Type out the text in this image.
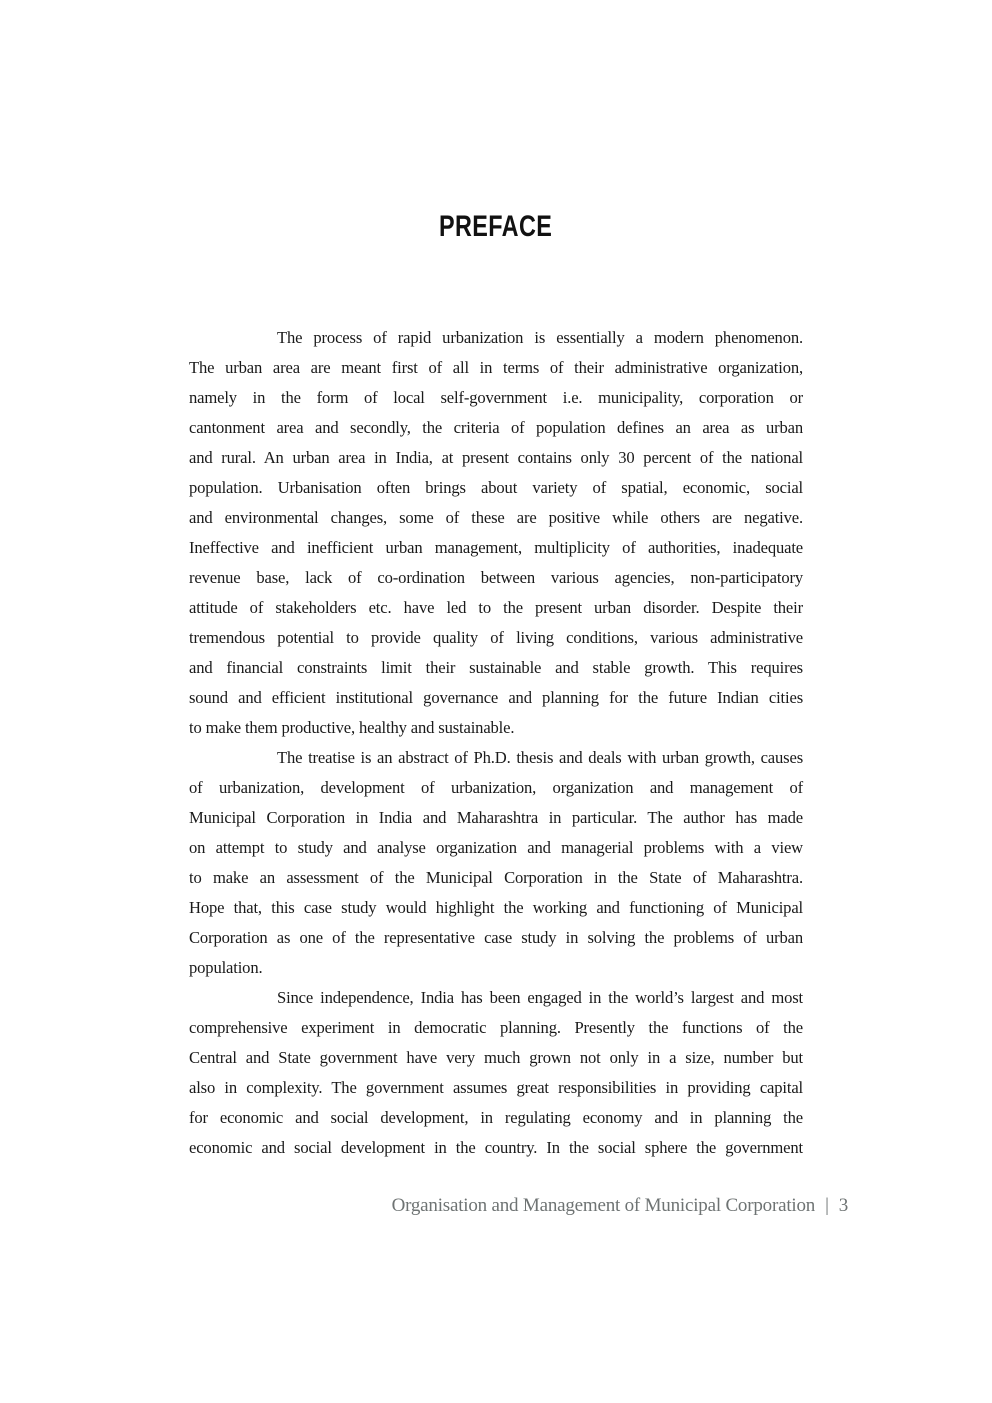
PREFACE
The process of rapid urbanization is essentially a modern phenomenon.
The urban area are meant first of all in terms of their administrative organization,
namely in the form of local self-government i.e. municipality, corporation or
cantonment area and secondly, the criteria of population defines an area as urban
and rural. An urban area in India, at present contains only 30 percent of the national
population. Urbanisation often brings about variety of spatial, economic, social
and environmental changes, some of these are positive while others are negative.
Ineffective and inefficient urban management, multiplicity of authorities, inadequate
revenue base, lack of co-ordination between various agencies, non-participatory
attitude of stakeholders etc. have led to the present urban disorder. Despite their
tremendous potential to provide quality of living conditions, various administrative
and financial constraints limit their sustainable and stable growth. This requires
sound and efficient institutional governance and planning for the future Indian cities
to make them productive, healthy and sustainable.
The treatise is an abstract of Ph.D. thesis and deals with urban growth, causes
of urbanization, development of urbanization, organization and management of
Municipal Corporation in India and Maharashtra in particular. The author has made
on attempt to study and analyse organization and managerial problems with a view
to make an assessment of the Municipal Corporation in the State of Maharashtra.
Hope that, this case study would highlight the working and functioning of Municipal
Corporation as one of the representative case study in solving the problems of urban
population.
Since independence, India has been engaged in the world’s largest and most
comprehensive experiment in democratic planning. Presently the functions of the
Central and State government have very much grown not only in a size, number but
also in complexity. The government assumes great responsibilities in providing capital
for economic and social development, in regulating economy and in planning the
economic and social development in the country. In the social sphere the government
Organisation and Management of Municipal Corporation | 3
